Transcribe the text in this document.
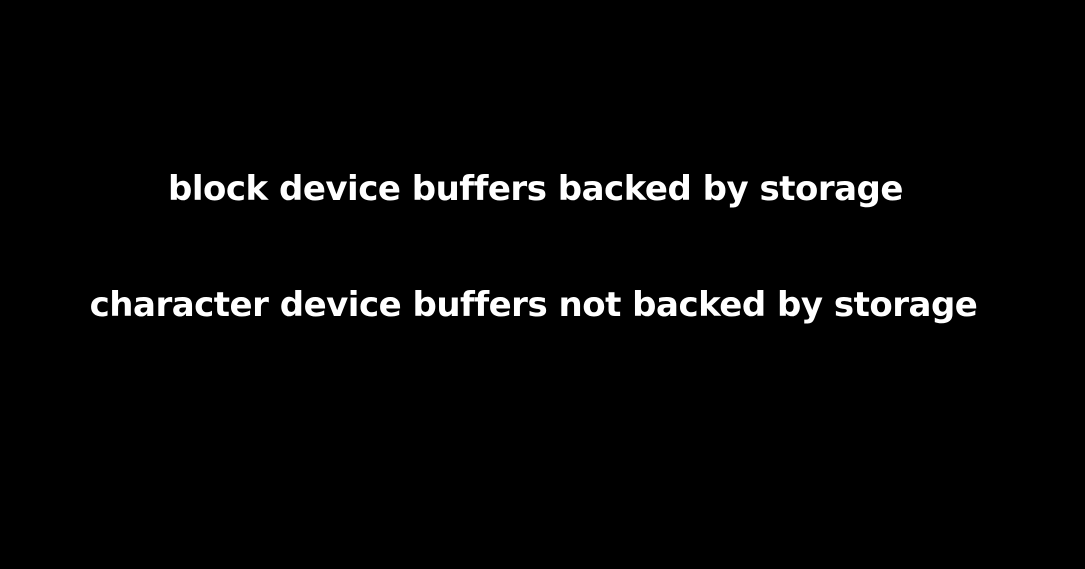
block device buffers backed by storage
character device buffers not backed by storage
